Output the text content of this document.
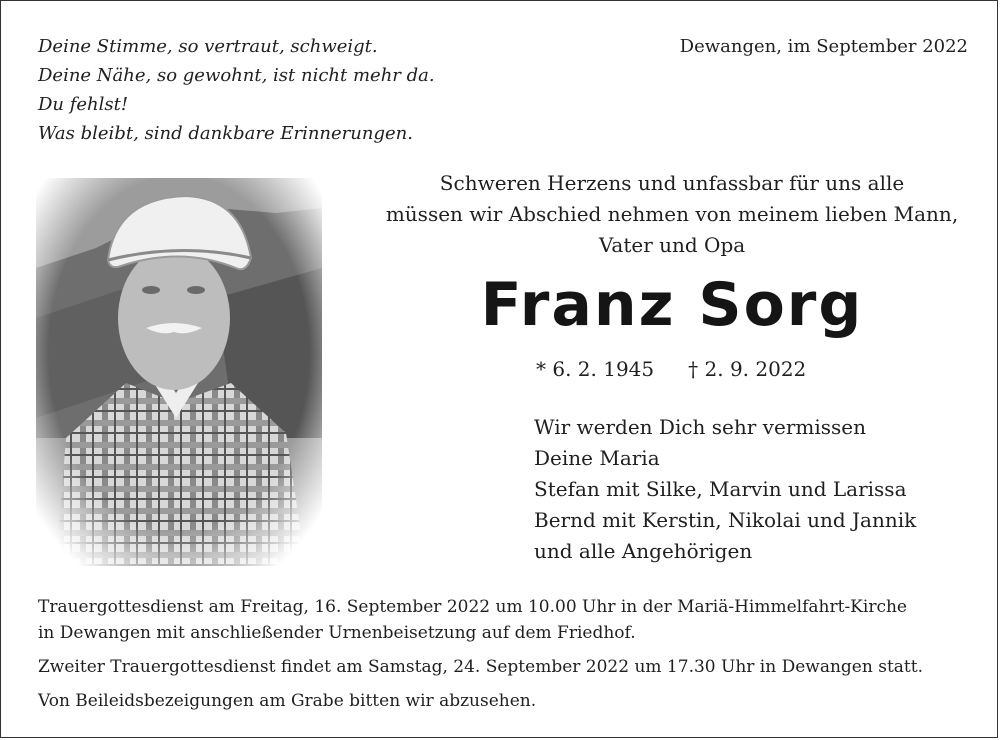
Deine Stimme, so vertraut, schweigt.
Deine Nähe, so gewohnt, ist nicht mehr da.
Du fehlst!
Was bleibt, sind dankbare Erinnerungen.
Dewangen, im September 2022
Schweren Herzens und unfassbar für uns alle
müssen wir Abschied nehmen von meinem lieben Mann,
Vater und Opa
Franz Sorg
* 6. 2. 1945 † 2. 9. 2022
Wir werden Dich sehr vermissen
Deine Maria
Stefan mit Silke, Marvin und Larissa
Bernd mit Kerstin, Nikolai und Jannik
und alle Angehörigen

Trauergottesdienst am Freitag, 16. September 2022 um 10.00 Uhr in der Mariä-Himmelfahrt-Kirche
in Dewangen mit anschließender Urnenbeisetzung auf dem Friedhof.

Zweiter Trauergottesdienst findet am Samstag, 24. September 2022 um 17.30 Uhr in Dewangen statt.

Von Beileidsbezeigungen am Grabe bitten wir abzusehen.
